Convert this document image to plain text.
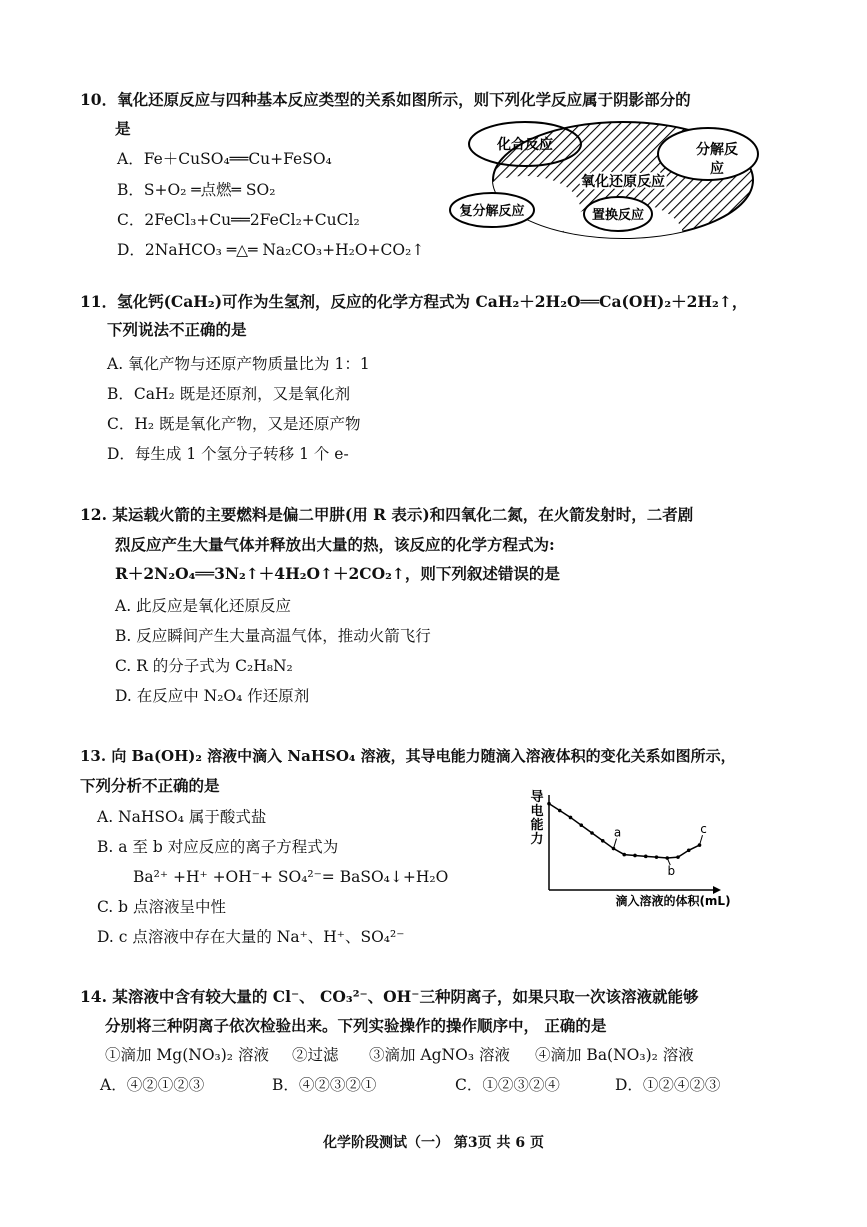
10．氧化还原反应与四种基本反应类型的关系如图所示，则下列化学反应属于阴影部分的
是
A．Fe＋CuSO₄══Cu+FeSO₄
B．S+O₂ ═点燃═ SO₂
C．2FeCl₃+Cu══2FeCl₂+CuCl₂
D．2NaHCO₃ ═△═ Na₂CO₃+H₂O+CO₂↑
化合反应	分解反
应
氧化还原反应
复分解反应	置换反应
11．氢化钙(CaH₂)可作为生氢剂，反应的化学方程式为 CaH₂＋2H₂O══Ca(OH)₂＋2H₂↑，
下列说法不正确的是
A. 氧化产物与还原产物质量比为 1：1
B．CaH₂ 既是还原剂，又是氧化剂
C．H₂ 既是氧化产物，又是还原产物
D．每生成 1 个氢分子转移 1 个 e-
12. 某运载火箭的主要燃料是偏二甲肼(用 R 表示)和四氧化二氮，在火箭发射时，二者剧
烈反应产生大量气体并释放出大量的热，该反应的化学方程式为:
R＋2N₂O₄══3N₂↑＋4H₂O↑＋2CO₂↑，则下列叙述错误的是
A. 此反应是氧化还原反应
B. 反应瞬间产生大量高温气体，推动火箭飞行
C. R 的分子式为 C₂H₈N₂
D. 在反应中 N₂O₄ 作还原剂
13. 向 Ba(OH)₂ 溶液中滴入 NaHSO₄ 溶液，其导电能力随滴入溶液体积的变化关系如图所示，
下列分析不正确的是
A. NaHSO₄ 属于酸式盐
B. a 至 b 对应反应的离子方程式为
Ba²⁺ +H⁺ +OH⁻+ SO₄²⁻= BaSO₄↓+H₂O
C. b 点溶液呈中性
D. c 点溶液中存在大量的 Na⁺、H⁺、SO₄²⁻
导
电
能
力
滴入溶液的体积(mL)
a
b
c
14. 某溶液中含有较大量的 Cl⁻、 CO₃²⁻、OH⁻三种阴离子，如果只取一次该溶液就能够
分别将三种阴离子依次检验出来。下列实验操作的操作顺序中， 正确的是
①滴加 Mg(NO₃)₂ 溶液 ②过滤 ③滴加 AgNO₃ 溶液 ④滴加 Ba(NO₃)₂ 溶液
A．④②①②③	B．④②③②①	C．①②③②④	D．①②④②③
化学阶段测试（一） 第3页 共 6 页
